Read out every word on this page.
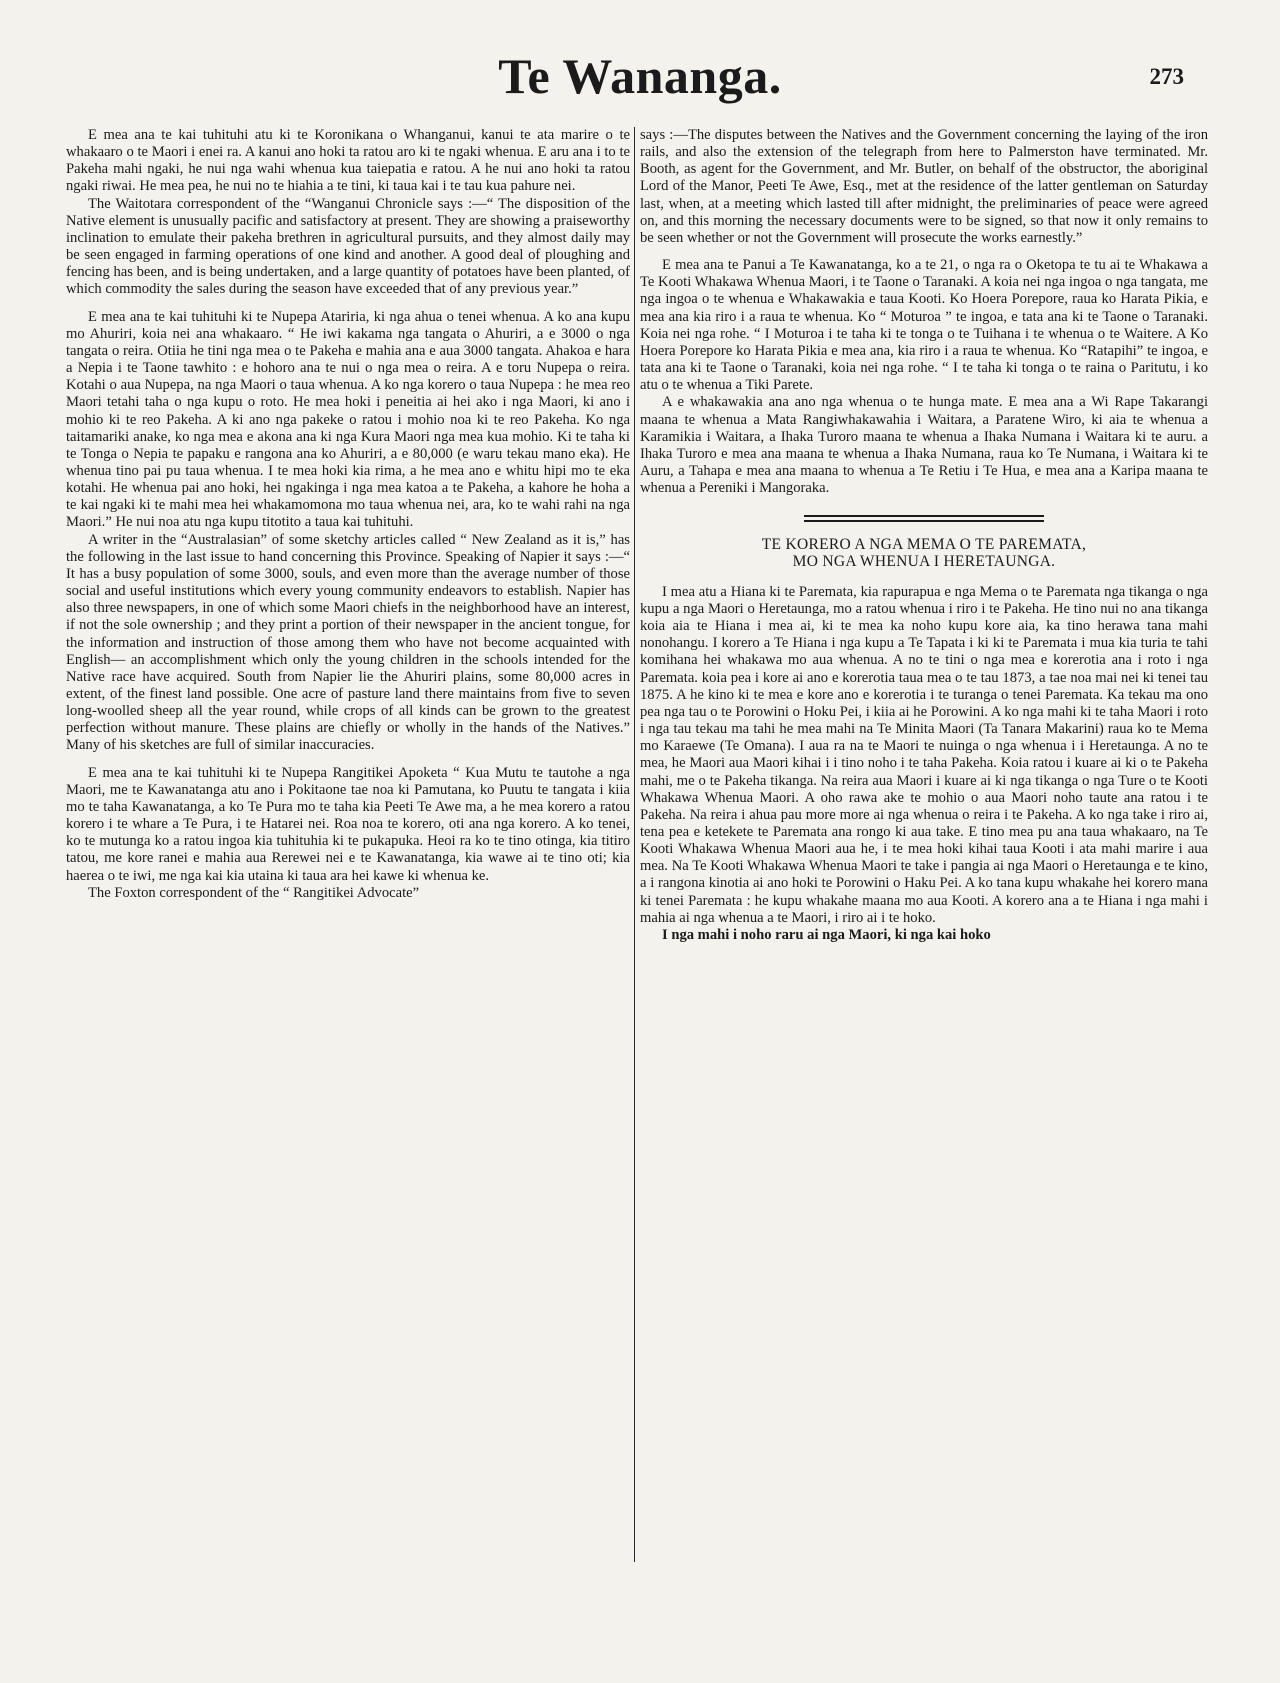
Te Wananga.	273

E mea ana te kai tuhituhi atu ki te Koronikana o Whanganui, kanui te ata marire o te whakaaro o te Maori i enei ra. A kanui ano hoki ta ratou aro ki te ngaki whenua. E aru ana i to te Pakeha mahi ngaki, he nui nga wahi whenua kua taiepatia e ratou. A he nui ano hoki ta ratou ngaki riwai. He mea pea, he nui no te hiahia a te tini, ki taua kai i te tau kua pahure nei.

The Waitotara correspondent of the “Wanganui Chronicle says :—“ The disposition of the Native element is unusually pacific and satisfactory at present. They are showing a praiseworthy inclination to emulate their pakeha brethren in agricultural pursuits, and they almost daily may be seen engaged in farming operations of one kind and another. A good deal of ploughing and fencing has been, and is being undertaken, and a large quantity of potatoes have been planted, of which commodity the sales during the season have exceeded that of any previous year.”

E mea ana te kai tuhituhi ki te Nupepa Atariria, ki nga ahua o tenei whenua. A ko ana kupu mo Ahuriri, koia nei ana whakaaro. “ He iwi kakama nga tangata o Ahuriri, a e 3000 o nga tangata o reira. Otiia he tini nga mea o te Pakeha e mahia ana e aua 3000 tangata. Ahakoa e hara a Nepia i te Taone tawhito : e hohoro ana te nui o nga mea o reira. A e toru Nupepa o reira. Kotahi o aua Nupepa, na nga Maori o taua whenua. A ko nga korero o taua Nupepa : he mea reo Maori tetahi taha o nga kupu o roto. He mea hoki i peneitia ai hei ako i nga Maori, ki ano i mohio ki te reo Pakeha. A ki ano nga pakeke o ratou i mohio noa ki te reo Pakeha. Ko nga taitamariki anake, ko nga mea e akona ana ki nga Kura Maori nga mea kua mohio. Ki te taha ki te Tonga o Nepia te papaku e rangona ana ko Ahuriri, a e 80,000 (e waru tekau mano eka). He whenua tino pai pu taua whenua. I te mea hoki kia rima, a he mea ano e whitu hipi mo te eka kotahi. He whenua pai ano hoki, hei ngakinga i nga mea katoa a te Pakeha, a kahore he hoha a te kai ngaki ki te mahi mea hei whakamomona mo taua whenua nei, ara, ko te wahi rahi na nga Maori.” He nui noa atu nga kupu titotito a taua kai tuhituhi.

A writer in the “Australasian” of some sketchy articles called “ New Zealand as it is,” has the following in the last issue to hand concerning this Province. Speaking of Napier it says :—“ It has a busy population of some 3000, souls, and even more than the average number of those social and useful institutions which every young community endeavors to establish. Napier has also three newspapers, in one of which some Maori chiefs in the neighborhood have an interest, if not the sole ownership ; and they print a portion of their newspaper in the ancient tongue, for the information and instruction of those among them who have not become acquainted with English— an accomplishment which only the young children in the schools intended for the Native race have acquired. South from Napier lie the Ahuriri plains, some 80,000 acres in extent, of the finest land possible. One acre of pasture land there maintains from five to seven long-woolled sheep all the year round, while crops of all kinds can be grown to the greatest perfection without manure. These plains are chiefly or wholly in the hands of the Natives.” Many of his sketches are full of similar inaccuracies.

E mea ana te kai tuhituhi ki te Nupepa Rangitikei Apoketa “ Kua Mutu te tautohe a nga Maori, me te Kawanatanga atu ano i Pokitaone tae noa ki Pamutana, ko Puutu te tangata i kiia mo te taha Kawanatanga, a ko Te Pura mo te taha kia Peeti Te Awe ma, a he mea korero a ratou korero i te whare a Te Pura, i te Hatarei nei. Roa noa te korero, oti ana nga korero. A ko tenei, ko te mutunga ko a ratou ingoa kia tuhituhia ki te pukapuka. Heoi ra ko te tino otinga, kia titiro tatou, me kore ranei e mahia aua Rerewei nei e te Kawanatanga, kia wawe ai te tino oti; kia haerea o te iwi, me nga kai kia utaina ki taua ara hei kawe ki whenua ke.

The Foxton correspondent of the “ Rangitikei Advocate”

says :—The disputes between the Natives and the Government concerning the laying of the iron rails, and also the extension of the telegraph from here to Palmerston have terminated. Mr. Booth, as agent for the Government, and Mr. Butler, on behalf of the obstructor, the aboriginal Lord of the Manor, Peeti Te Awe, Esq., met at the residence of the latter gentleman on Saturday last, when, at a meeting which lasted till after midnight, the preliminaries of peace were agreed on, and this morning the necessary documents were to be signed, so that now it only remains to be seen whether or not the Government will prosecute the works earnestly.”

E mea ana te Panui a Te Kawanatanga, ko a te 21, o nga ra o Oketopa te tu ai te Whakawa a Te Kooti Whakawa Whenua Maori, i te Taone o Taranaki. A koia nei nga ingoa o nga tangata, me nga ingoa o te whenua e Whakawakia e taua Kooti. Ko Hoera Porepore, raua ko Harata Pikia, e mea ana kia riro i a raua te whenua. Ko “ Moturoa ” te ingoa, e tata ana ki te Taone o Taranaki. Koia nei nga rohe. “ I Moturoa i te taha ki te tonga o te Tuihana i te whenua o te Waitere. A Ko Hoera Porepore ko Harata Pikia e mea ana, kia riro i a raua te whenua. Ko “Ratapihi” te ingoa, e tata ana ki te Taone o Taranaki, koia nei nga rohe. “ I te taha ki tonga o te raina o Paritutu, i ko atu o te whenua a Tiki Parete.

A e whakawakia ana ano nga whenua o te hunga mate. E mea ana a Wi Rape Takarangi maana te whenua a Mata Rangiwhakawahia i Waitara, a Paratene Wiro, ki aia te whenua a Karamikia i Waitara, a Ihaka Turoro maana te whenua a Ihaka Numana i Waitara ki te auru. a Ihaka Turoro e mea ana maana te whenua a Ihaka Numana, raua ko Te Numana, i Waitara ki te Auru, a Tahapa e mea ana maana to whenua a Te Retiu i Te Hua, e mea ana a Karipa maana te whenua a Pereniki i Mangoraka.

TE KORERO A NGA MEMA O TE PAREMATA,
MO NGA WHENUA I HERETAUNGA.

I mea atu a Hiana ki te Paremata, kia rapurapua e nga Mema o te Paremata nga tikanga o nga kupu a nga Maori o Heretaunga, mo a ratou whenua i riro i te Pakeha. He tino nui no ana tikanga koia aia te Hiana i mea ai, ki te mea ka noho kupu kore aia, ka tino herawa tana mahi nonohangu. I korero a Te Hiana i nga kupu a Te Tapata i ki ki te Paremata i mua kia turia te tahi komihana hei whakawa mo aua whenua. A no te tini o nga mea e korerotia ana i roto i nga Paremata. koia pea i kore ai ano e korerotia taua mea o te tau 1873, a tae noa mai nei ki tenei tau 1875. A he kino ki te mea e kore ano e korerotia i te turanga o tenei Paremata. Ka tekau ma ono pea nga tau o te Porowini o Hoku Pei, i kiia ai he Porowini. A ko nga mahi ki te taha Maori i roto i nga tau tekau ma tahi he mea mahi na Te Minita Maori (Ta Tanara Makarini) raua ko te Mema mo Karaewe (Te Omana). I aua ra na te Maori te nuinga o nga whenua i i Heretaunga. A no te mea, he Maori aua Maori kihai i i tino noho i te taha Pakeha. Koia ratou i kuare ai ki o te Pakeha mahi, me o te Pakeha tikanga. Na reira aua Maori i kuare ai ki nga tikanga o nga Ture o te Kooti Whakawa Whenua Maori. A oho rawa ake te mohio o aua Maori noho taute ana ratou i te Pakeha. Na reira i ahua pau more more ai nga whenua o reira i te Pakeha. A ko nga take i riro ai, tena pea e ketekete te Paremata ana rongo ki aua take. E tino mea pu ana taua whakaaro, na Te Kooti Whakawa Whenua Maori aua he, i te mea hoki kihai taua Kooti i ata mahi marire i aua mea. Na Te Kooti Whakawa Whenua Maori te take i pangia ai nga Maori o Heretaunga e te kino, a i rangona kinotia ai ano hoki te Porowini o Haku Pei. A ko tana kupu whakahe hei korero mana ki tenei Paremata : he kupu whakahe maana mo aua Kooti. A korero ana a te Hiana i nga mahi i mahia ai nga whenua a te Maori, i riro ai i te hoko.

I nga mahi i noho raru ai nga Maori, ki nga kai hoko
